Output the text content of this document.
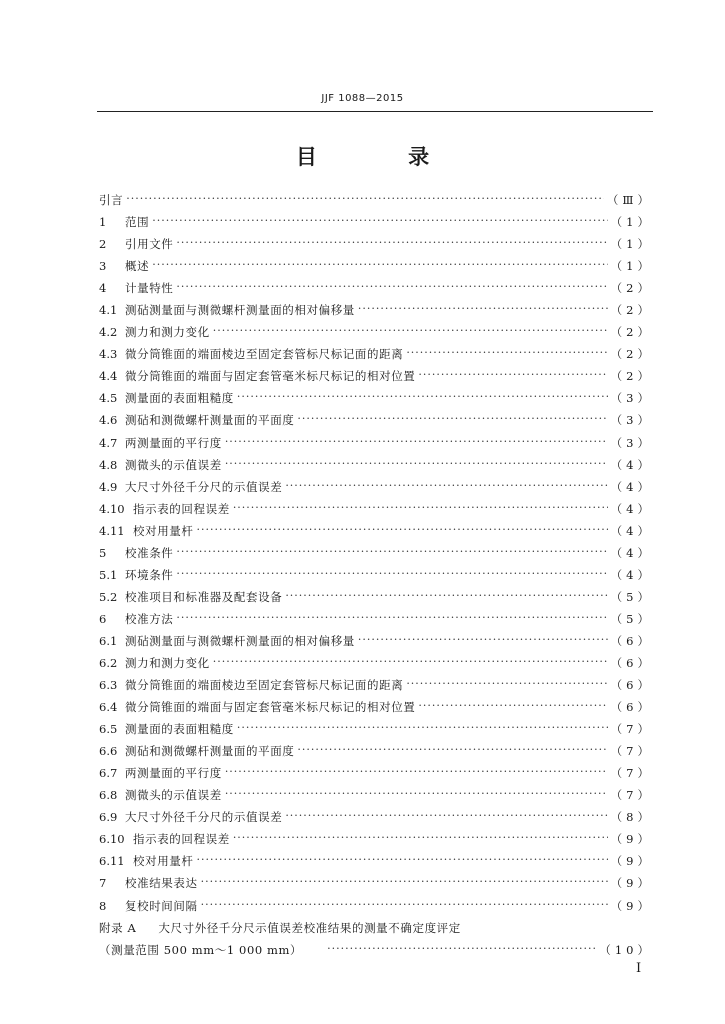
JJF 1088—2015
目 录
引言 ·····	（Ⅲ）
1	范围 ·····	（1）
2	引用文件 ·····	（1）
3	概述 ·····	（1）
4	计量特性 ·····	（2）
4.1 测砧测量面与测微螺杆测量面的相对偏移量 ·····	（2）
4.2 测力和测力变化 ·····	（2）
4.3 微分筒锥面的端面棱边至固定套管标尺标记面的距离 ·····	（2）
4.4 微分筒锥面的端面与固定套管毫米标尺标记的相对位置 ·····	（2）
4.5 测量面的表面粗糙度 ·····	（3）
4.6 测砧和测微螺杆测量面的平面度 ·····	（3）
4.7 两测量面的平行度 ·····	（3）
4.8 测微头的示值误差 ·····	（4）
4.9 大尺寸外径千分尺的示值误差 ·····	（4）
4.10 指示表的回程误差 ·····	（4）
4.11 校对用量杆 ·····	（4）
5	校准条件 ·····	（4）
5.1 环境条件 ·····	（4）
5.2 校准项目和标准器及配套设备 ·····	（5）
6	校准方法 ·····	（5）
6.1 测砧测量面与测微螺杆测量面的相对偏移量 ·····	（6）
6.2 测力和测力变化 ·····	（6）
6.3 微分筒锥面的端面棱边至固定套管标尺标记面的距离 ·····	（6）
6.4 微分筒锥面的端面与固定套管毫米标尺标记的相对位置 ·····	（6）
6.5 测量面的表面粗糙度 ·····	（7）
6.6 测砧和测微螺杆测量面的平面度 ·····	（7）
6.7 两测量面的平行度 ·····	（7）
6.8 测微头的示值误差 ·····	（7）
6.9 大尺寸外径千分尺的示值误差 ·····	（8）
6.10 指示表的回程误差 ·····	（9）
6.11 校对用量杆 ·····	（9）
7	校准结果表达 ·····	（9）
8	复校时间间隔 ·····	（9）
附录 A 大尺寸外径千分尺示值误差校准结果的测量不确定度评定
（测量范围 500 mm～1 000 mm） ·····	（10）
Ⅰ
